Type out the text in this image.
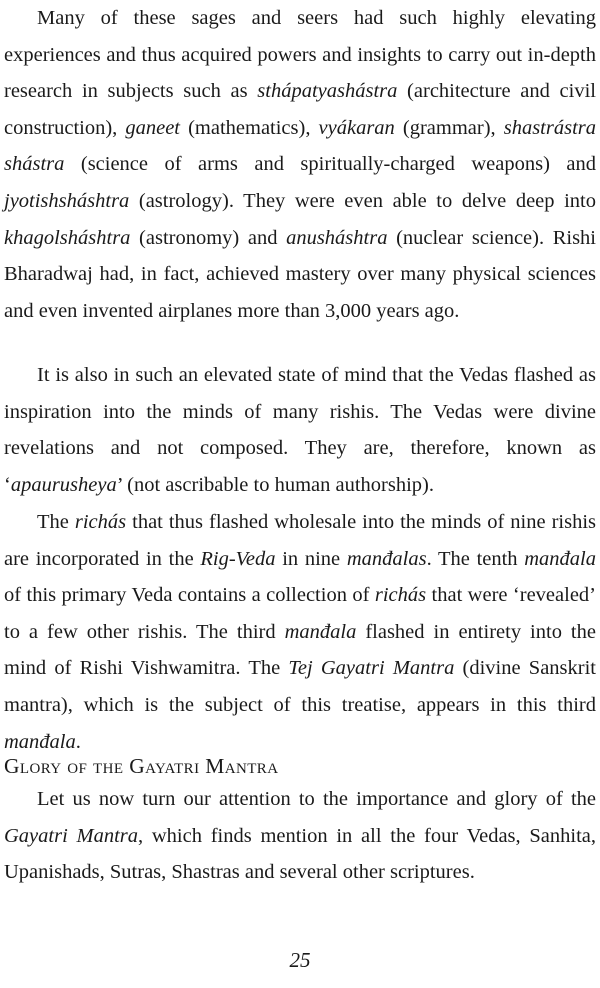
Many of these sages and seers had such highly elevating experiences and thus acquired powers and insights to carry out in-depth research in subjects such as sthápatyashástra (architecture and civil construction), ganeet (mathematics), vyákaran (grammar), shastrástra shástra (science of arms and spiritually-charged weapons) and jyotishsháshtra (astrology). They were even able to delve deep into khagolsháshtra (astronomy) and anusháshtra (nuclear science). Rishi Bharadwaj had, in fact, achieved mastery over many physical sciences and even invented airplanes more than 3,000 years ago.

It is also in such an elevated state of mind that the Vedas flashed as inspiration into the minds of many rishis. The Vedas were divine revelations and not composed. They are, therefore, known as ‘apaurusheya’ (not ascribable to human authorship).

The richás that thus flashed wholesale into the minds of nine rishis are incorporated in the Rig-Veda in nine manđalas. The tenth manđala of this primary Veda contains a collection of richás that were ‘revealed’ to a few other rishis. The third manđala flashed in entirety into the mind of Rishi Vishwamitra. The Tej Gayatri Mantra (divine Sanskrit mantra), which is the subject of this treatise, appears in this third manđala.

Glory of the Gayatri Mantra

Let us now turn our attention to the importance and glory of the Gayatri Mantra, which finds mention in all the four Vedas, Sanhita, Upanishads, Sutras, Shastras and several other scriptures.

25
